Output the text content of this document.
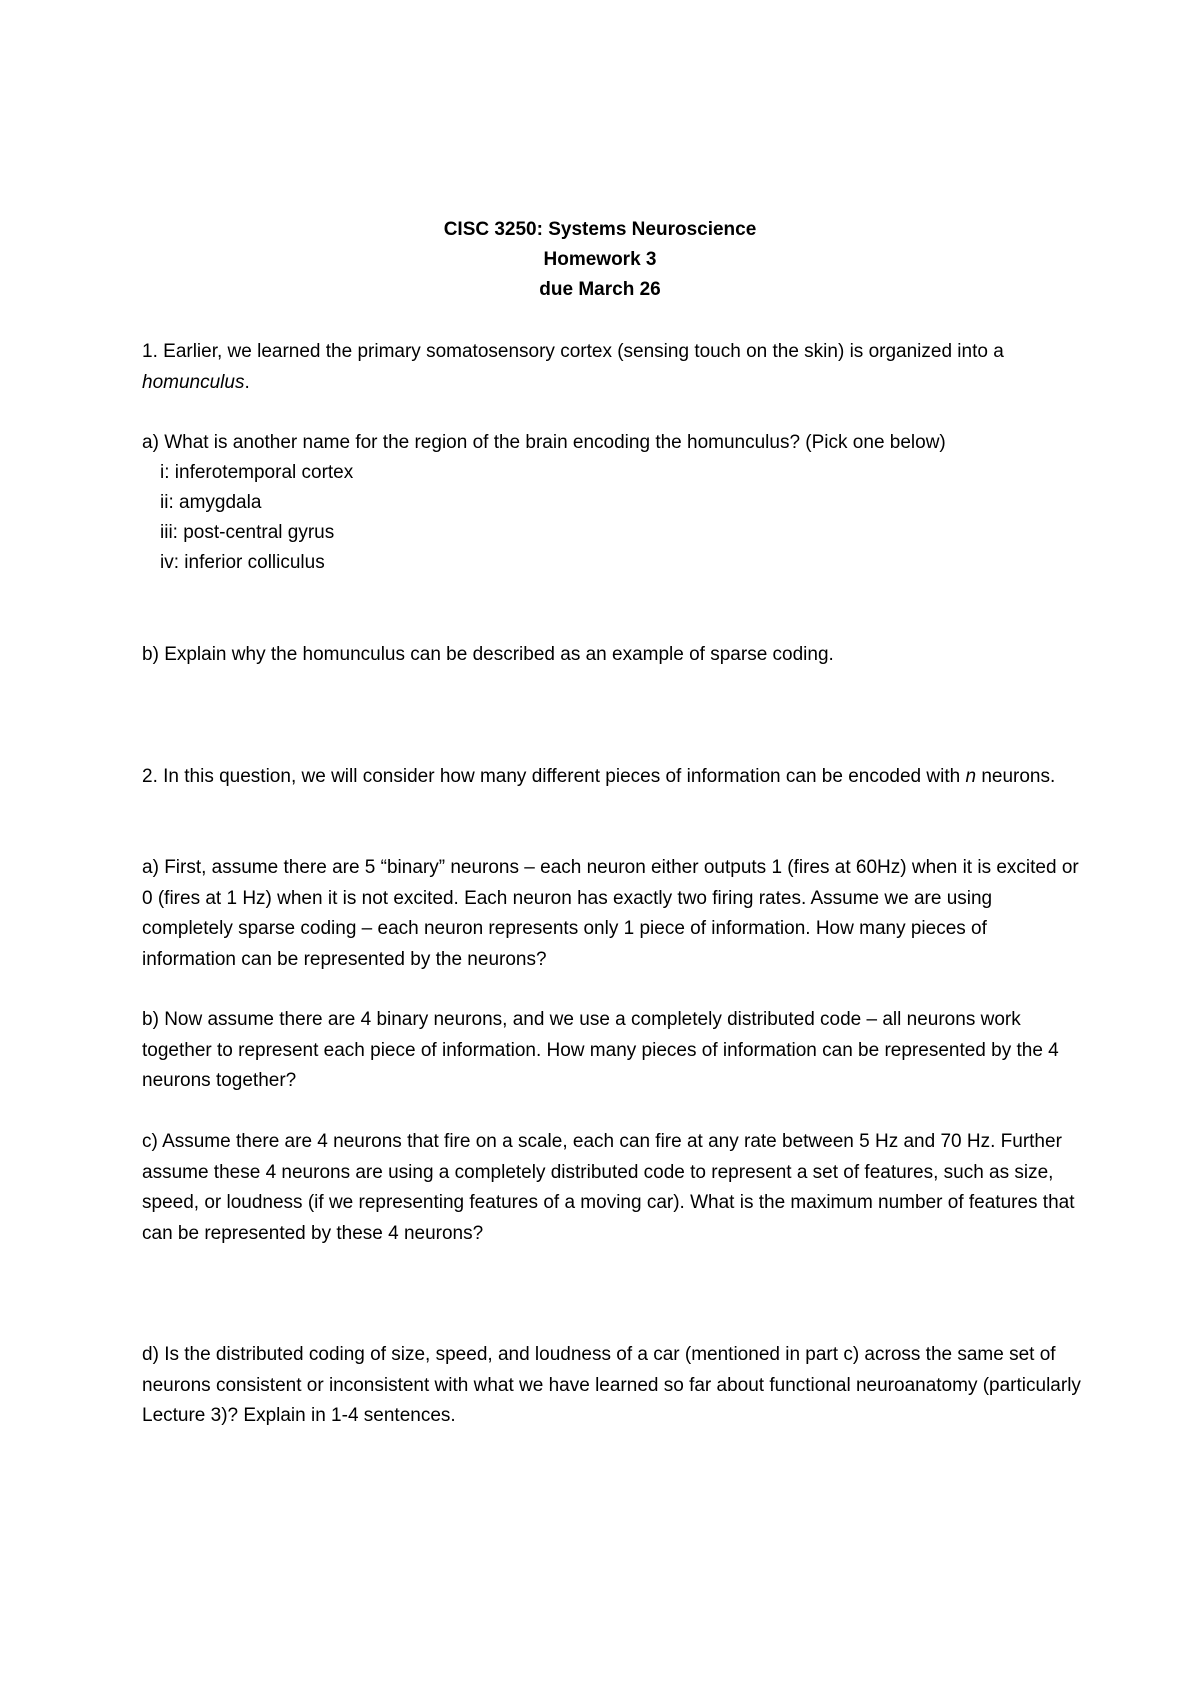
CISC 3250: Systems Neuroscience
Homework 3
due March 26

1. Earlier, we learned the primary somatosensory cortex (sensing touch on the skin) is organized into a homunculus.

a) What is another name for the region of the brain encoding the homunculus? (Pick one below)

i: inferotemporal cortex

ii: amygdala

iii: post-central gyrus

iv: inferior colliculus

b) Explain why the homunculus can be described as an example of sparse coding.

2. In this question, we will consider how many different pieces of information can be encoded with n neurons.

a) First, assume there are 5 “binary” neurons – each neuron either outputs 1 (fires at 60Hz) when it is excited or 0 (fires at 1 Hz) when it is not excited. Each neuron has exactly two firing rates. Assume we are using completely sparse coding – each neuron represents only 1 piece of information. How many pieces of information can be represented by the neurons?

b) Now assume there are 4 binary neurons, and we use a completely distributed code – all neurons work together to represent each piece of information. How many pieces of information can be represented by the 4 neurons together?

c) Assume there are 4 neurons that fire on a scale, each can fire at any rate between 5 Hz and 70 Hz. Further assume these 4 neurons are using a completely distributed code to represent a set of features, such as size, speed, or loudness (if we representing features of a moving car). What is the maximum number of features that can be represented by these 4 neurons?

d) Is the distributed coding of size, speed, and loudness of a car (mentioned in part c) across the same set of neurons consistent or inconsistent with what we have learned so far about functional neuroanatomy (particularly Lecture 3)? Explain in 1-4 sentences.
